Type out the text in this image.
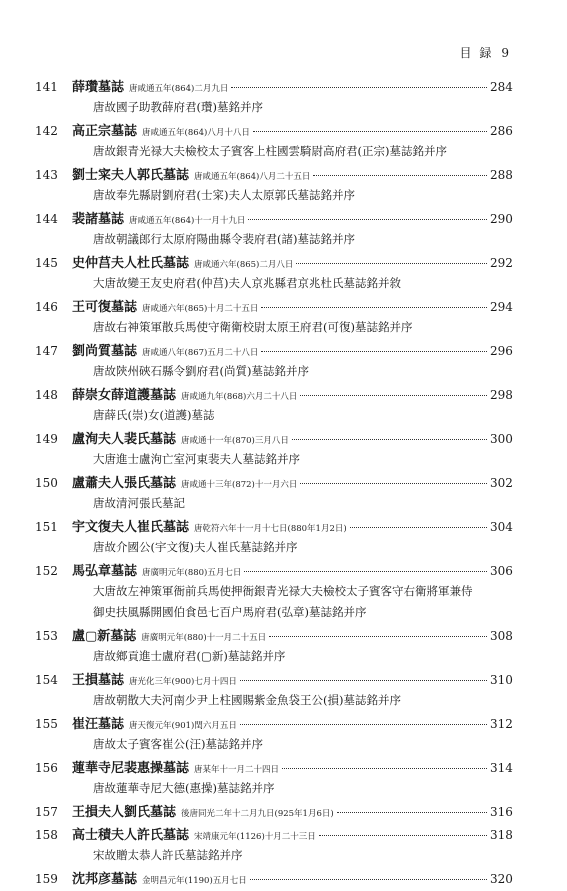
目 録 9
141	薛瓚墓誌 唐咸通五年(864)二月九日	284
唐故國子助教薛府君(瓚)墓銘并序
142	高正宗墓誌 唐咸通五年(864)八月十八日	286
唐故銀青光禄大夫檢校太子賓客上柱國雲騎尉高府君(正宗)墓誌銘并序
143	劉士寀夫人郭氏墓誌 唐咸通五年(864)八月二十五日	288
唐故奉先縣尉劉府君(士寀)夫人太原郭氏墓誌銘并序
144	裴諸墓誌 唐咸通五年(864)十一月十九日	290
唐故朝議郎行太原府陽曲縣令裴府君(諸)墓誌銘并序
145	史仲莒夫人杜氏墓誌 唐咸通六年(865)二月八日	292
大唐故變王友史府君(仲莒)夫人京兆縣君京兆杜氏墓誌銘并敘
146	王可復墓誌 唐咸通六年(865)十月二十五日	294
唐故右神策軍散兵馬使守衛衛校尉太原王府君(可復)墓誌銘并序
147	劉尚質墓誌 唐咸通八年(867)五月二十八日	296
唐故陝州硤石縣令劉府君(尚質)墓誌銘并序
148	薛崇女薛道護墓誌 唐咸通九年(868)六月二十八日	298
唐薛氏(崇)女(道護)墓誌
149	盧洵夫人裴氏墓誌 唐咸通十一年(870)三月八日	300
大唐進士盧洵亡室河東裴夫人墓誌銘并序
150	盧蕭夫人張氏墓誌 唐咸通十三年(872)十一月六日	302
唐故清河張氏墓記
151	宇文復夫人崔氏墓誌 唐乾符六年十一月十七日(880年1月2日)	304
唐故介國公(宇文復)夫人崔氏墓誌銘并序
152	馬弘章墓誌 唐廣明元年(880)五月七日	306
大唐故左神策軍衙前兵馬使押衙銀青光禄大夫檢校太子賓客守右衛將軍兼侍御史扶風縣開國伯食邑七百户馬府君(弘章)墓誌銘并序
153	盧▢新墓誌 唐廣明元年(880)十一月二十五日	308
唐故鄉貢進士盧府君(▢新)墓誌銘并序
154	王損墓誌 唐光化三年(900)七月十四日	310
唐故朝散大夫河南少尹上柱國賜紫金魚袋王公(損)墓誌銘并序
155	崔汪墓誌 唐天復元年(901)閏六月五日	312
唐故太子賓客崔公(汪)墓誌銘并序
156	蓮華寺尼裴惠操墓誌 唐某年十一月二十四日	314
唐故蓮華寺尼大德(惠操)墓誌銘并序
157	王損夫人劉氏墓誌 後唐同光二年十二月九日(925年1月6日)	316
158	高士積夫人許氏墓誌 宋靖康元年(1126)十月二十三日	318
宋故贈太恭人許氏墓誌銘并序
159	沈邦彦墓誌 金明昌元年(1190)五月七日	320
